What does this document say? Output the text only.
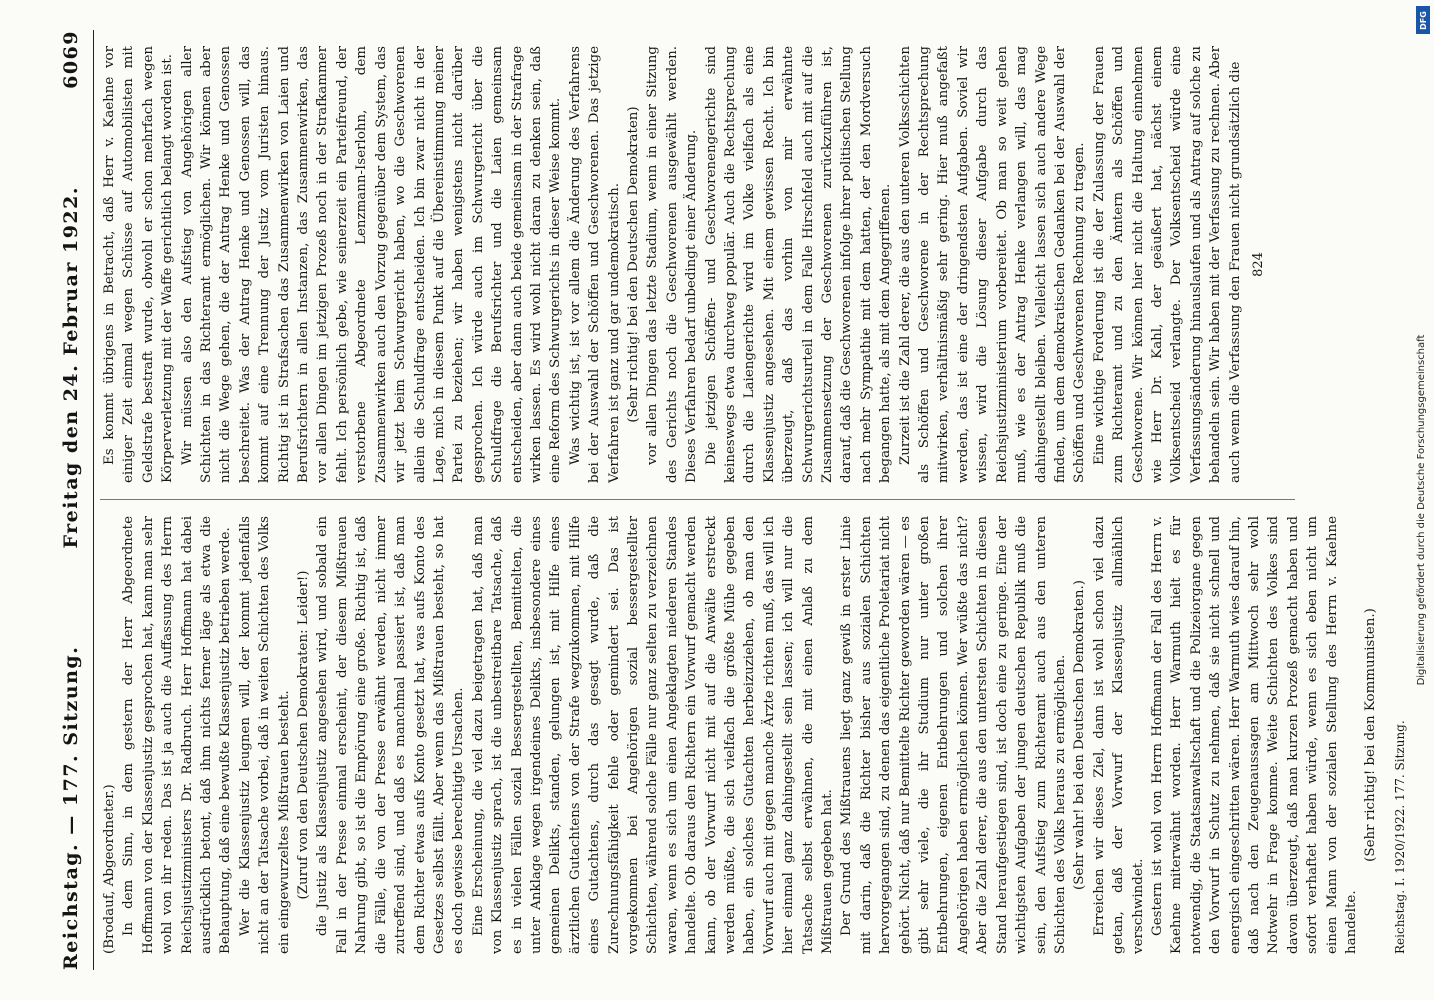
Reichstag. — 177. Sitzung.
Freitag den 24. Februar 1922.
6069

(Brodauf, Abgeordneter.) In dem Sinn, in dem gestern der Herr Abgeordnete Hoffmann von der Klassenjustiz gesprochen hat, kann man sehr wohl von ihr reden. Das ist ja auch die Auffassung des Herrn Reichsjustizministers Dr. Radbruch. Herr Hoffmann hat dabei ausdrücklich betont, daß ihm nichts ferner läge als etwa die Behauptung, daß eine bewußte Klassenjustiz betrieben werde. Wer die Klassenjustiz leugnen will, der kommt jedenfalls nicht an der Tatsache vorbei, daß in weiten Schichten des Volks ein eingewurzeltes Mißtrauen besteht. (Zuruf von den Deutschen Demokraten: Leider!) die Justiz als Klassenjustiz angesehen wird, und sobald ein Fall in der Presse einmal erscheint, der diesem Mißtrauen Nahrung gibt, so ist die Empörung eine große. Richtig ist, daß die Fälle, die von der Presse erwähnt werden, nicht immer zutreffend sind, und daß es manchmal passiert ist, daß man dem Richter etwas aufs Konto gesetzt hat, was aufs Konto des Gesetzes selbst fällt. Aber wenn das Mißtrauen besteht, so hat es doch gewisse berechtigte Ursachen. Eine Erscheinung, die viel dazu beigetragen hat, daß man von Klassenjustiz sprach, ist die unbestreitbare Tatsache, daß es in vielen Fällen sozial Bessergestellten, Bemittelten, die unter Anklage wegen irgendeines Delikts, insbesondere eines gemeinen Delikts, standen, gelungen ist, mit Hilfe eines ärztlichen Gutachtens von der Strafe wegzukommen, mit Hilfe eines Gutachtens, durch das gesagt wurde, daß die Zurechnungsfähigkeit fehle oder gemindert sei. Das ist vorgekommen bei Angehörigen sozial bessergestellter Schichten, während solche Fälle nur ganz selten zu verzeichnen waren, wenn es sich um einen Angeklagten niederen Standes handelte. Ob daraus den Richtern ein Vorwurf gemacht werden kann, ob der Vorwurf nicht mit auf die Anwälte erstreckt werden müßte, die sich vielfach die größte Mühe gegeben haben, ein solches Gutachten herbeizuziehen, ob man den Vorwurf auch mit gegen manche Ärzte richten muß, das will ich hier einmal ganz dahingestellt sein lassen; ich will nur die Tatsache selbst erwähnen, die mit einen Anlaß zu dem Mißtrauen gegeben hat. Der Grund des Mißtrauens liegt ganz gewiß in erster Linie mit darin, daß die Richter bisher aus sozialen Schichten hervorgegangen sind, zu denen das eigentliche Proletariat nicht gehört. Nicht, daß nur Bemittelte Richter geworden wären — es gibt sehr viele, die ihr Studium nur unter großen Entbehrungen, eigenen Entbehrungen und solchen ihrer Angehörigen haben ermöglichen können. Wer wüßte das nicht? Aber die Zahl derer, die aus den untersten Schichten in diesen Stand heraufgestiegen sind, ist doch eine zu geringe. Eine der wichtigsten Aufgaben der jungen deutschen Republik muß die sein, den Aufstieg zum Richteramt auch aus den unteren Schichten des Volks heraus zu ermöglichen. (Sehr wahr! bei den Deutschen Demokraten.) Erreichen wir dieses Ziel, dann ist wohl schon viel dazu getan, daß der Vorwurf der Klassenjustiz allmählich verschwindet. Gestern ist wohl von Herrn Hoffmann der Fall des Herrn v. Kaehne miterwähnt worden. Herr Warmuth hielt es für notwendig, die Staatsanwaltschaft und die Polizeiorgane gegen den Vorwurf in Schutz zu nehmen, daß sie nicht schnell und energisch eingeschritten wären. Herr Warmuth wies darauf hin, daß nach den Zeugenaussagen am Mittwoch sehr wohl Notwehr in Frage komme. Weite Schichten des Volkes sind davon überzeugt, daß man kurzen Prozeß gemacht haben und sofort verhaftet haben würde, wenn es sich eben nicht um einen Mann von der sozialen Stellung des Herrn v. Kaehne handelte.

(Sehr richtig! bei den Kommunisten.) Reichstag. I. 1920/1922. 177. Sitzung.

Es kommt übrigens in Betracht, daß Herr v. Kaehne vor einiger Zeit einmal wegen Schüsse auf Automobilisten mit Geldstrafe bestraft wurde, obwohl er schon mehrfach wegen Körperverletzung mit der Waffe gerichtlich belangt worden ist. Wir müssen also den Aufstieg von Angehörigen aller Schichten in das Richteramt ermöglichen. Wir können aber nicht die Wege gehen, die der Antrag Henke und Genossen beschreitet. Was der Antrag Henke und Genossen will, das kommt auf eine Trennung der Justiz vom Juristen hinaus. Richtig ist in Strafsachen das Zusammenwirken von Laien und Berufsrichtern in allen Instanzen, das Zusammenwirken, das vor allen Dingen im jetzigen Prozeß noch in der Strafkammer fehlt. Ich persönlich gebe, wie seinerzeit ein Parteifreund, der verstorbene Abgeordnete Lenzmann-Iserlohn, dem Zusammenwirken auch den Vorzug gegenüber dem System, das wir jetzt beim Schwurgericht haben, wo die Geschworenen allein die Schuldfrage entscheiden. Ich bin zwar nicht in der Lage, mich in diesem Punkt auf die Übereinstimmung meiner Partei zu beziehen; wir haben wenigstens nicht darüber gesprochen. Ich würde auch im Schwurgericht über die Schuldfrage die Berufsrichter und die Laien gemeinsam entscheiden, aber dann auch beide gemeinsam in der Strafrage wirken lassen. Es wird wohl nicht daran zu denken sein, daß eine Reform des Schwurgerichts in dieser Weise kommt. Was wichtig ist, ist vor allem die Änderung des Verfahrens bei der Auswahl der Schöffen und Geschworenen. Das jetzige Verfahren ist ganz und gar undemokratisch. (Sehr richtig! bei den Deutschen Demokraten) vor allen Dingen das letzte Stadium, wenn in einer Sitzung des Gerichts noch die Geschworenen ausgewählt werden. Dieses Verfahren bedarf unbedingt einer Änderung. Die jetzigen Schöffen- und Geschworenengerichte sind keineswegs etwa durchweg populär. Auch die Rechtsprechung durch die Laiengerichte wird im Volke vielfach als eine Klassenjustiz angesehen. Mit einem gewissen Recht. Ich bin überzeugt, daß das vorhin von mir erwähnte Schwurgerichtsurteil in dem Falle Hirschfeld auch mit auf die Zusammensetzung der Geschworenen zurückzuführen ist, darauf, daß die Geschworenen infolge ihrer politischen Stellung nach mehr Sympathie mit dem hatten, der den Mordversuch begangen hatte, als mit dem Angegriffenen. Zurzeit ist die Zahl derer, die aus den unteren Volksschichten als Schöffen und Geschworene in der Rechtsprechung mitwirken, verhältnismäßig sehr gering. Hier muß angefaßt werden, das ist eine der dringendsten Aufgaben. Soviel wir wissen, wird die Lösung dieser Aufgabe durch das Reichsjustizministerium vorbereitet. Ob man so weit gehen muß, wie es der Antrag Henke verlangen will, das mag dahingestellt bleiben. Vielleicht lassen sich auch andere Wege finden, um dem demokratischen Gedanken bei der Auswahl der Schöffen und Geschworenen Rechnung zu tragen. Eine wichtige Forderung ist die der Zulassung der Frauen zum Richteramt und zu den Ämtern als Schöffen und Geschworene. Wir können hier nicht die Haltung einnehmen wie Herr Dr. Kahl, der geäußert hat, nächst einem Volksentscheid verlangte. Der Volksentscheid würde eine Verfassungsänderung hinauslaufen und als Antrag auf solche zu behandeln sein. Wir haben mit der Verfassung zu rechnen. Aber auch wenn die Verfassung den Frauen nicht grundsätzlich die 824
DFG
Digitalisierung gefördert durch die Deutsche Forschungsgemeinschaft
